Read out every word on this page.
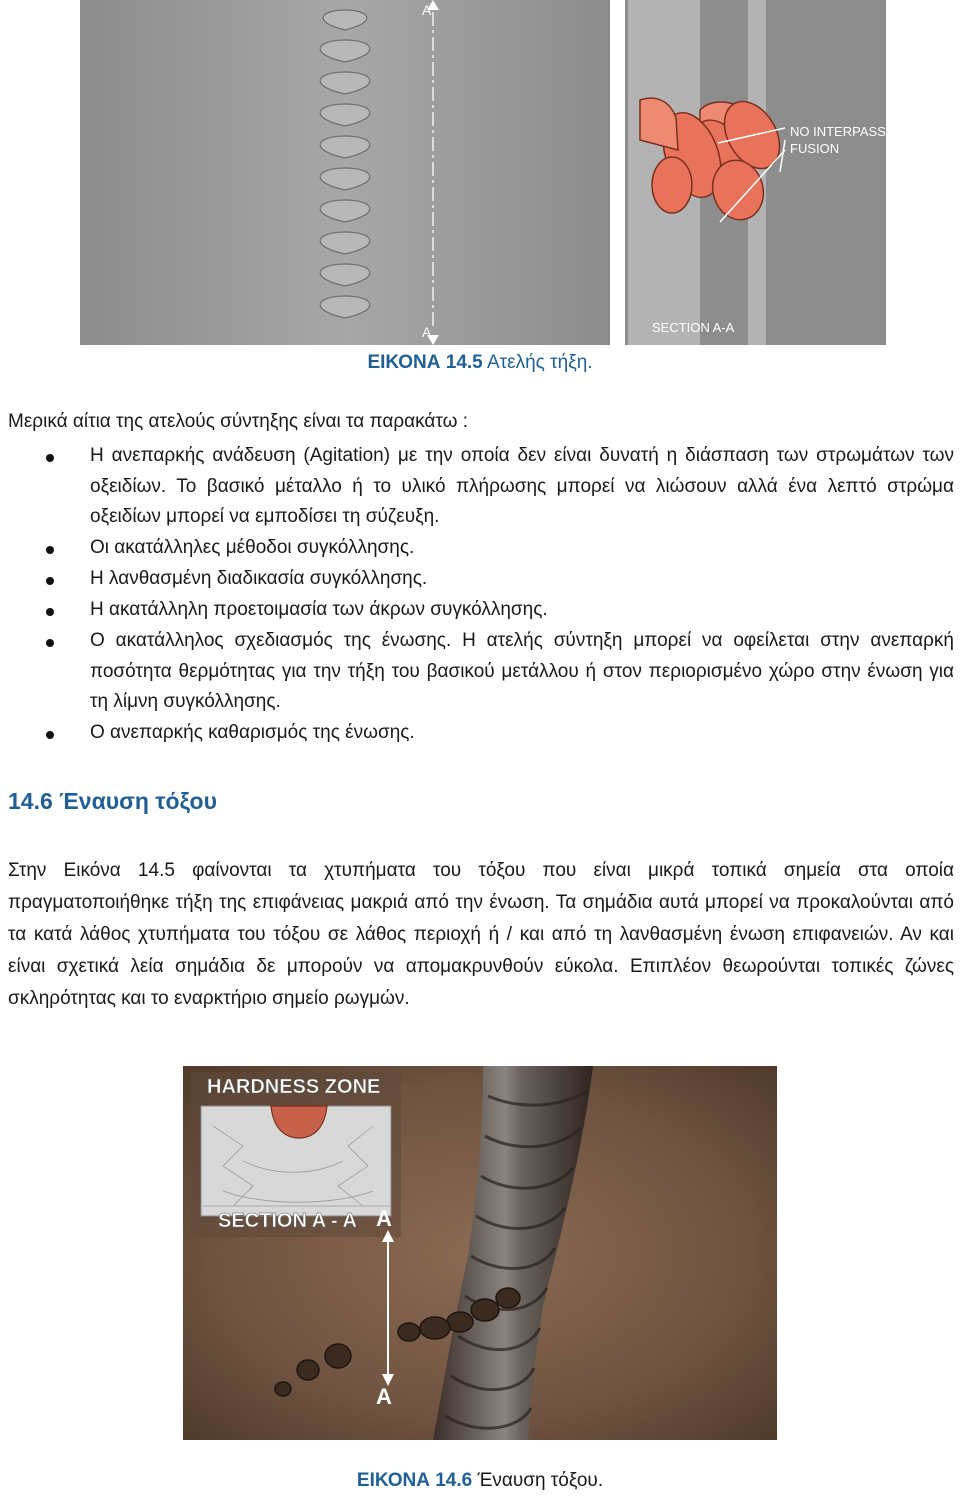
A
A
NO INTERPASS
FUSION
SECTION A-A
ΕΙΚΟΝΑ 14.5 Ατελής τήξη.
Μερικά αίτια της ατελούς σύντηξης είναι τα παρακάτω :
Η ανεπαρκής ανάδευση (Agitation) με την οποία δεν είναι δυνατή η διάσπαση των στρωμάτων των οξειδίων. Το βασικό μέταλλο ή το υλικό πλήρωσης μπορεί να λιώσουν αλλά ένα λεπτό στρώμα οξειδίων μπορεί να εμποδίσει τη σύζευξη.
Οι ακατάλληλες μέθοδοι συγκόλλησης.
Η λανθασμένη διαδικασία συγκόλλησης.
Η ακατάλληλη προετοιμασία των άκρων συγκόλλησης.
Ο ακατάλληλος σχεδιασμός της ένωσης. Η ατελής σύντηξη μπορεί να οφείλεται στην ανεπαρκή ποσότητα θερμότητας για την τήξη του βασικού μετάλλου ή στον περιορισμένο χώρο στην ένωση για τη λίμνη συγκόλλησης.
Ο ανεπαρκής καθαρισμός της ένωσης.
14.6 Έναυση τόξου
Στην Εικόνα 14.5 φαίνονται τα χτυπήματα του τόξου που είναι μικρά τοπικά σημεία στα οποία πραγματοποιήθηκε τήξη της επιφάνειας μακριά από την ένωση. Τα σημάδια αυτά μπορεί να προκαλούνται από τα κατά λάθος χτυπήματα του τόξου σε λάθος περιοχή ή / και από τη λανθασμένη ένωση επιφανειών. Αν και είναι σχετικά λεία σημάδια δε μπορούν να απομακρυνθούν εύκολα. Επιπλέον θεωρούνται τοπικές ζώνες σκληρότητας και το εναρκτήριο σημείο ρωγμών.
HARDNESS ZONE
SECTION A - A A
A
ΕΙΚΟΝΑ 14.6 Έναυση τόξου.
